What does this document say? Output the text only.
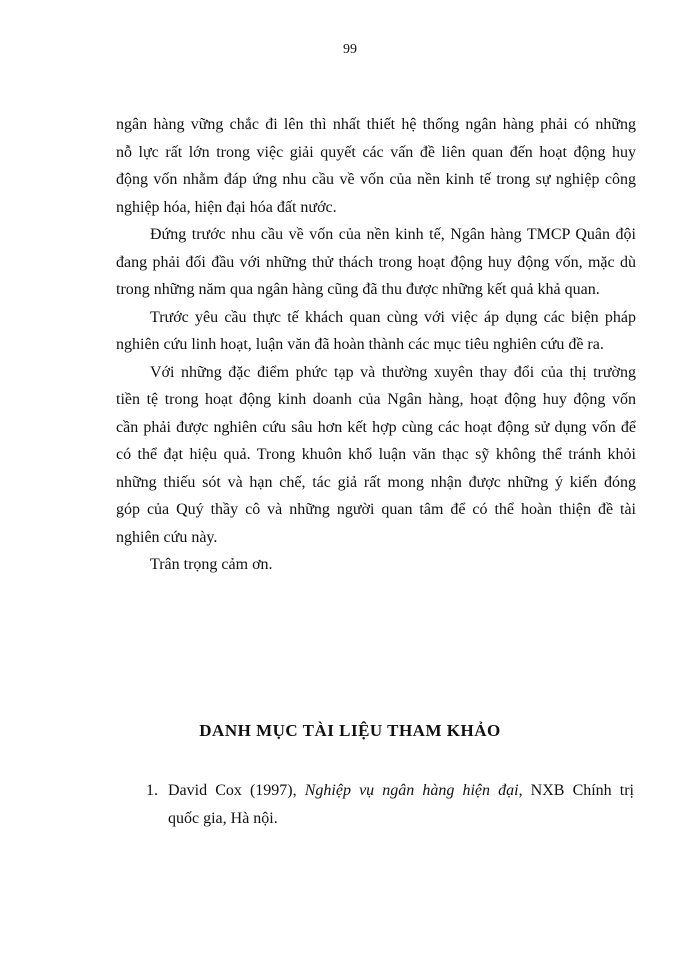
99

ngân hàng vững chắc đi lên thì nhất thiết hệ thống ngân hàng phải có những
nỗ lực rất lớn trong việc giải quyết các vấn đề liên quan đến hoạt động huy
động vốn nhằm đáp ứng nhu cầu về vốn của nền kinh tế trong sự nghiệp công
nghiệp hóa, hiện đại hóa đất nước.

Đứng trước nhu cầu về vốn của nền kinh tế, Ngân hàng TMCP Quân đội
đang phải đối đầu với những thử thách trong hoạt động huy động vốn, mặc dù
trong những năm qua ngân hàng cũng đã thu được những kết quả khả quan.

Trước yêu cầu thực tế khách quan cùng với việc áp dụng các biện pháp
nghiên cứu linh hoạt, luận văn đã hoàn thành các mục tiêu nghiên cứu đề ra.

Với những đặc điểm phức tạp và thường xuyên thay đổi của thị trường
tiền tệ trong hoạt động kinh doanh của Ngân hàng, hoạt động huy động vốn
cần phải được nghiên cứu sâu hơn kết hợp cùng các hoạt động sử dụng vốn để
có thể đạt hiệu quả. Trong khuôn khổ luận văn thạc sỹ không thể tránh khỏi
những thiếu sót và hạn chế, tác giả rất mong nhận được những ý kiến đóng
góp của Quý thầy cô và những người quan tâm để có thể hoàn thiện đề tài
nghiên cứu này.

Trân trọng cảm ơn.

DANH MỤC TÀI LIỆU THAM KHẢO
1. David Cox (1997), Nghiệp vụ ngân hàng hiện đại, NXB Chính trị
quốc gia, Hà nội.
